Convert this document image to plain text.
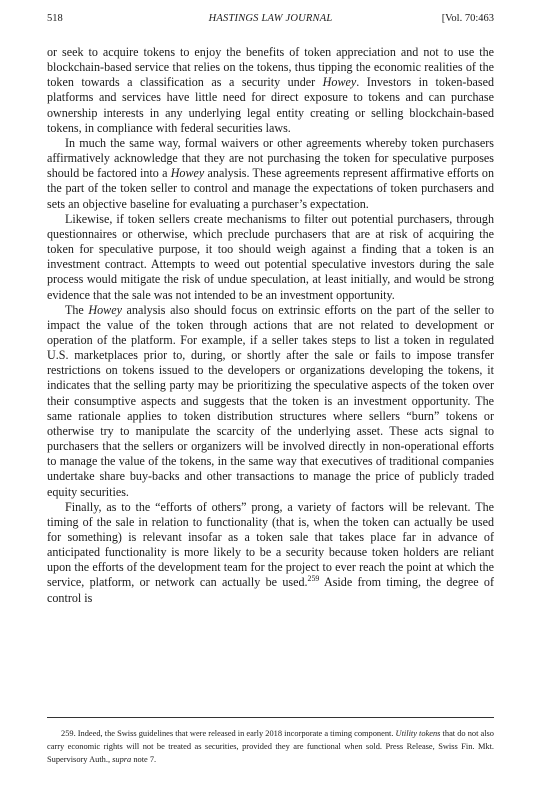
518	HASTINGS LAW JOURNAL	[Vol. 70:463

or seek to acquire tokens to enjoy the benefits of token appreciation and not to use the blockchain-based service that relies on the tokens, thus tipping the economic realities of the token towards a classification as a security under Howey. Investors in token-based platforms and services have little need for direct exposure to tokens and can purchase ownership interests in any underlying legal entity creating or selling blockchain-based tokens, in compliance with federal securities laws.

In much the same way, formal waivers or other agreements whereby token purchasers affirmatively acknowledge that they are not purchasing the token for speculative purposes should be factored into a Howey analysis. These agreements represent affirmative efforts on the part of the token seller to control and manage the expectations of token purchasers and sets an objective baseline for evaluating a purchaser’s expectation.

Likewise, if token sellers create mechanisms to filter out potential purchasers, through questionnaires or otherwise, which preclude purchasers that are at risk of acquiring the token for speculative purpose, it too should weigh against a finding that a token is an investment contract. Attempts to weed out potential speculative investors during the sale process would mitigate the risk of undue speculation, at least initially, and would be strong evidence that the sale was not intended to be an investment opportunity.

The Howey analysis also should focus on extrinsic efforts on the part of the seller to impact the value of the token through actions that are not related to development or operation of the platform. For example, if a seller takes steps to list a token in regulated U.S. marketplaces prior to, during, or shortly after the sale or fails to impose transfer restrictions on tokens issued to the developers or organizations developing the tokens, it indicates that the selling party may be prioritizing the speculative aspects of the token over their consumptive aspects and suggests that the token is an investment opportunity. The same rationale applies to token distribution structures where sellers “burn” tokens or otherwise try to manipulate the scarcity of the underlying asset. These acts signal to purchasers that the sellers or organizers will be involved directly in non-operational efforts to manage the value of the tokens, in the same way that executives of traditional companies undertake share buy-backs and other transactions to manage the price of publicly traded equity securities.

Finally, as to the “efforts of others” prong, a variety of factors will be relevant. The timing of the sale in relation to functionality (that is, when the token can actually be used for something) is relevant insofar as a token sale that takes place far in advance of anticipated functionality is more likely to be a security because token holders are reliant upon the efforts of the development team for the project to ever reach the point at which the service, platform, or network can actually be used.$^{259}$ Aside from timing, the degree of control is

259. Indeed, the Swiss guidelines that were released in early 2018 incorporate a timing component. Utility tokens that do not also carry economic rights will not be treated as securities, provided they are functional when sold. Press Release, Swiss Fin. Mkt. Supervisory Auth., supra note 7.
